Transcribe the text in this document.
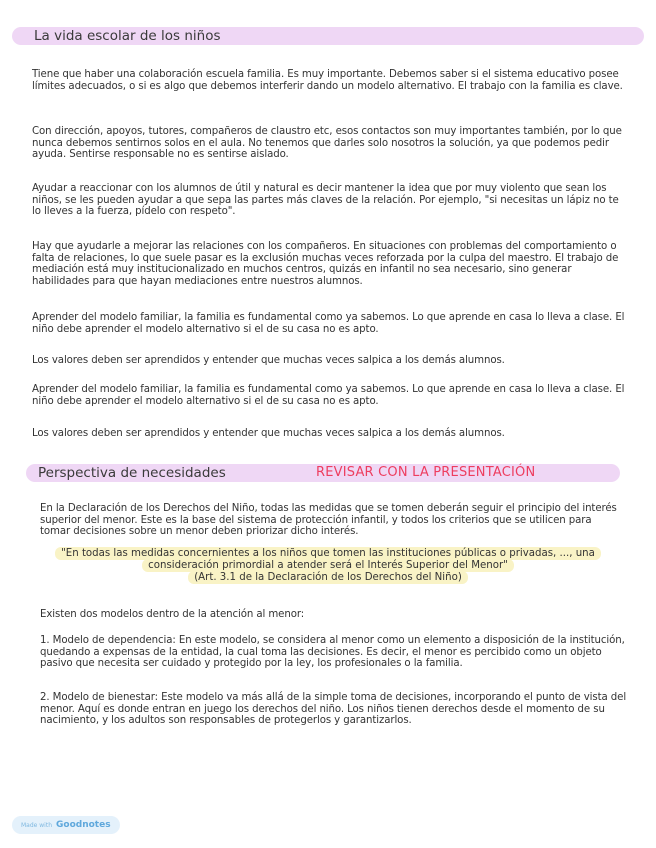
La vida escolar de los niños

Tiene que haber una colaboración escuela familia. Es muy importante. Debemos saber si el sistema educativo posee límites adecuados, o si es algo que debemos interferir dando un modelo alternativo. El trabajo con la familia es clave.

Con dirección, apoyos, tutores, compañeros de claustro etc, esos contactos son muy importantes también, por lo que nunca debemos sentirnos solos en el aula. No tenemos que darles solo nosotros la solución, ya que podemos pedir ayuda. Sentirse responsable no es sentirse aislado.

Ayudar a reaccionar con los alumnos de útil y natural es decir mantener la idea que por muy violento que sean los niños, se les pueden ayudar a que sepa las partes más claves de la relación. Por ejemplo, "si necesitas un lápiz no te lo lleves a la fuerza, pídelo con respeto".

Hay que ayudarle a mejorar las relaciones con los compañeros. En situaciones con problemas del comportamiento o falta de relaciones, lo que suele pasar es la exclusión muchas veces reforzada por la culpa del maestro. El trabajo de mediación está muy institucionalizado en muchos centros, quizás en infantil no sea necesario, sino generar habilidades para que hayan mediaciones entre nuestros alumnos.

Aprender del modelo familiar, la familia es fundamental como ya sabemos. Lo que aprende en casa lo lleva a clase. El niño debe aprender el modelo alternativo si el de su casa no es apto.

Los valores deben ser aprendidos y entender que muchas veces salpica a los demás alumnos.

Aprender del modelo familiar, la familia es fundamental como ya sabemos. Lo que aprende en casa lo lleva a clase. El niño debe aprender el modelo alternativo si el de su casa no es apto.

Los valores deben ser aprendidos y entender que muchas veces salpica a los demás alumnos.

Perspectiva de necesidades	REVISAR CON LA PRESENTACIÓN

En la Declaración de los Derechos del Niño, todas las medidas que se tomen deberán seguir el principio del interés superior del menor. Este es la base del sistema de protección infantil, y todos los criterios que se utilicen para tomar decisiones sobre un menor deben priorizar dicho interés.

"En todas las medidas concernientes a los niños que tomen las instituciones públicas o privadas, ..., una
consideración primordial a atender será el Interés Superior del Menor"
(Art. 3.1 de la Declaración de los Derechos del Niño)

Existen dos modelos dentro de la atención al menor:

1. Modelo de dependencia: En este modelo, se considera al menor como un elemento a disposición de la institución, quedando a expensas de la entidad, la cual toma las decisiones. Es decir, el menor es percibido como un objeto pasivo que necesita ser cuidado y protegido por la ley, los profesionales o la familia.

2. Modelo de bienestar: Este modelo va más allá de la simple toma de decisiones, incorporando el punto de vista del menor. Aquí es donde entran en juego los derechos del niño. Los niños tienen derechos desde el momento de su nacimiento, y los adultos son responsables de protegerlos y garantizarlos.

Made with Goodnotes
